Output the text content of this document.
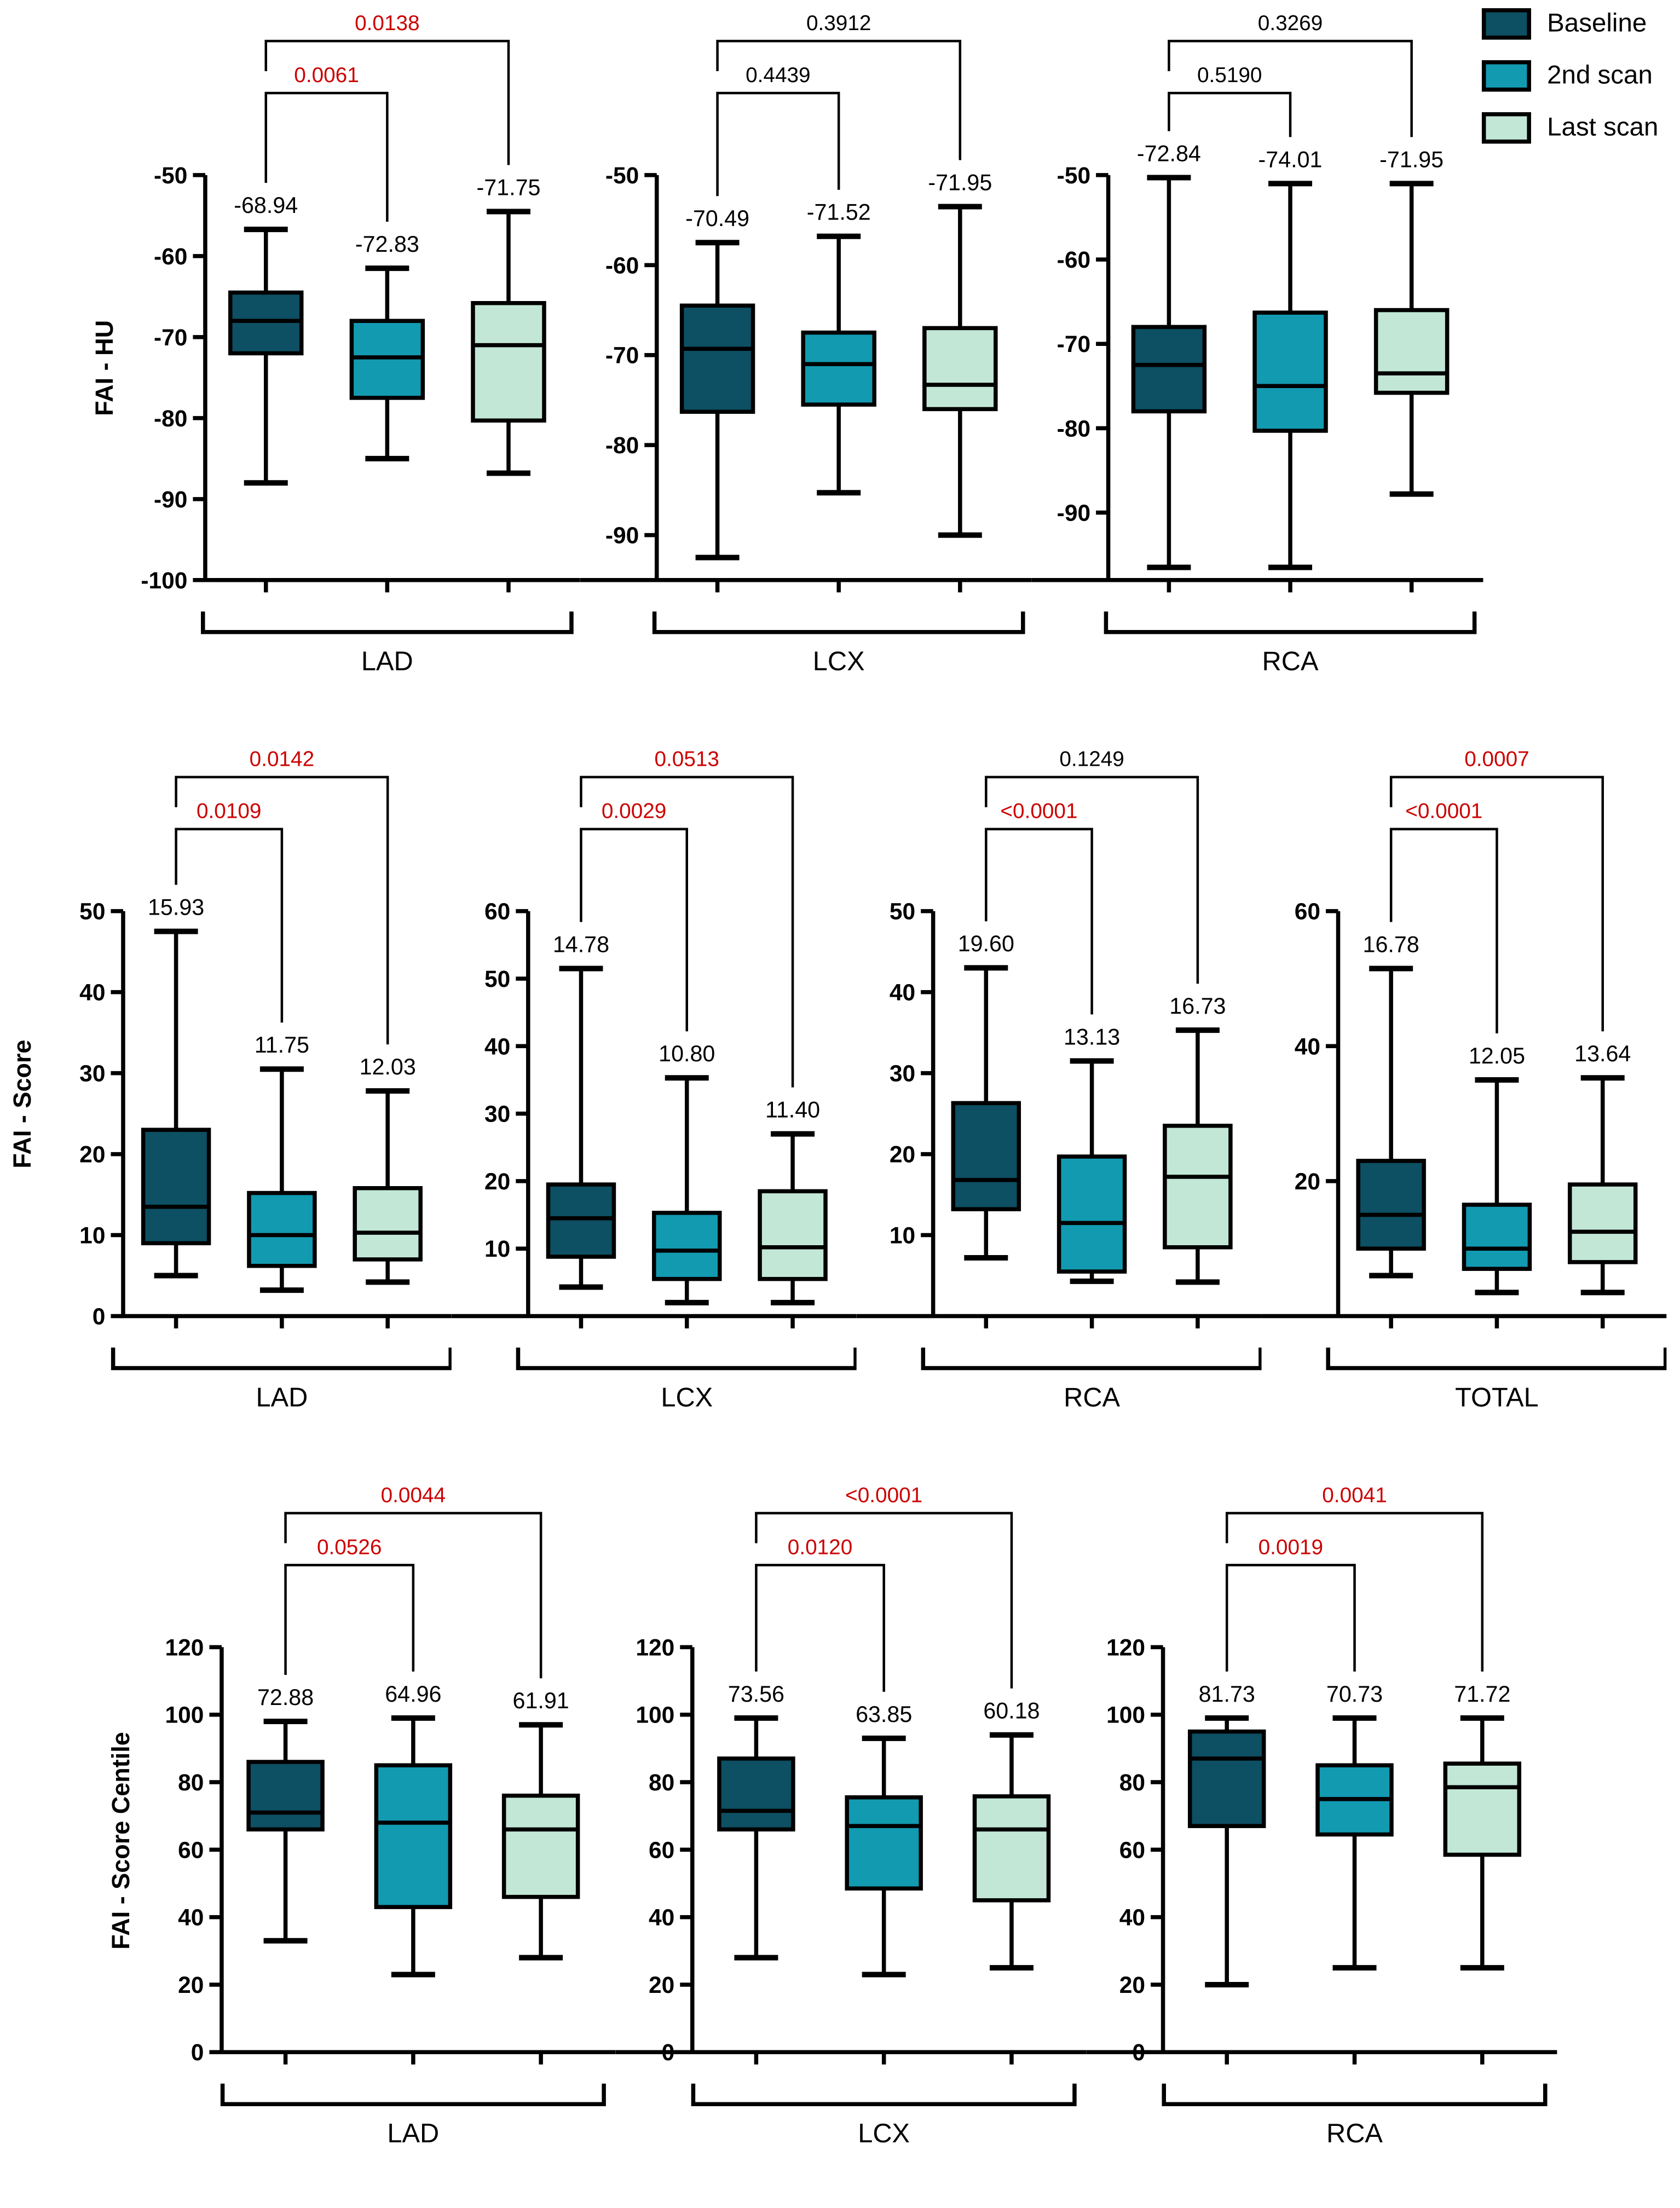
Baseline
2nd scan
Last scan
FAI - HU
-100
-90
-80
-70
-60
-50
-68.94
-72.83
-71.75
0.0061
0.0138
LAD
-90
-80
-70
-60
-50
-70.49	-71.52
-71.95
0.4439
0.3912
LCX
-90
-80
-70
-60
-50
-72.84	-74.01	-71.95
0.5190
0.3269
RCA
FAI - Score
0
10
20
30
40
50	15.93
11.75
12.03
0.0109
0.0142
LAD
10
20
30
40
50
60
14.78
10.80
11.40
0.0029
0.0513
LCX
10
20
30
40
50
19.60
13.13
16.73
<0.0001
0.1249
RCA
20
40
60
16.78
12.05	13.64
<0.0001
0.0007
TOTAL
FAI - Score Centile
0
20
40
60
80
100
120
72.88	64.96	61.91
0.0526
0.0044
LAD
0
20
40
60
80
100
120
73.56
63.85	60.18
0.0120
<0.0001
LCX
0
20
40
60
80
100
120
81.73	70.73	71.72
0.0019
0.0041
RCA
